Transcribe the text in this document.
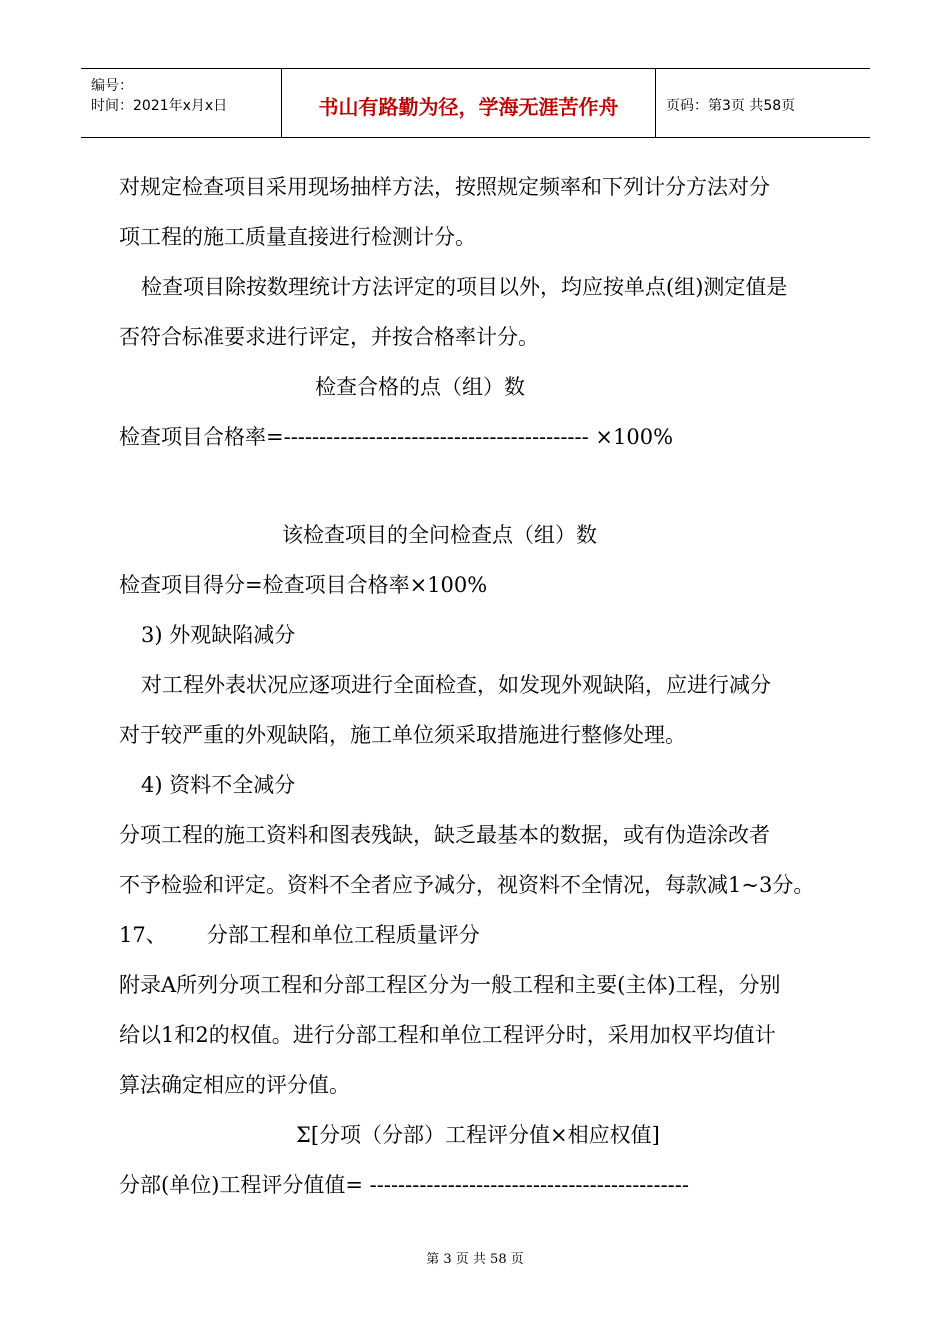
编号：
时间：2021年x月x日	书山有路勤为径，学海无涯苦作舟	页码：第3页 共58页
对规定检查项目采用现场抽样方法，按照规定频率和下列计分方法对分
项工程的施工质量直接进行检测计分。
检查项目除按数理统计方法评定的项目以外，均应按单点(组)测定值是
否符合标准要求进行评定，并按合格率计分。
检查合格的点（组）数
检查项目合格率=------------------------------------------- ×100%
该检查项目的全问检查点（组）数
检查项目得分=检查项目合格率×100%
3) 外观缺陷减分
对工程外表状况应逐项进行全面检查，如发现外观缺陷，应进行减分
对于较严重的外观缺陷，施工单位须采取措施进行整修处理。
4) 资料不全减分
分项工程的施工资料和图表残缺，缺乏最基本的数据，或有伪造涂改者
不予检验和评定。资料不全者应予减分，视资料不全情况，每款减1~3分。
17、      分部工程和单位工程质量评分
附录A所列分项工程和分部工程区分为一般工程和主要(主体)工程，分别
给以1和2的权值。进行分部工程和单位工程评分时，采用加权平均值计
算法确定相应的评分值。
Σ[分项（分部）工程评分值×相应权值]
分部(单位)工程评分值值= ---------------------------------------------
第 3 页 共 58 页
